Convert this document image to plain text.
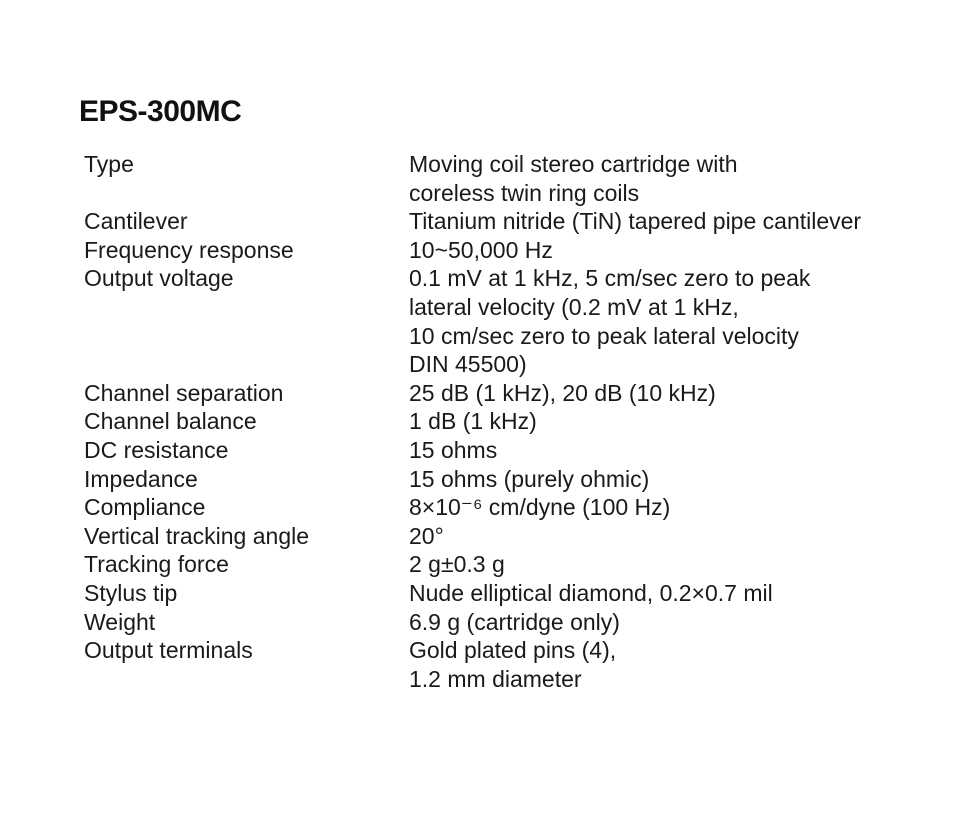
EPS-300MC
Type	Moving coil stereo cartridge with
coreless twin ring coils
Cantilever	Titanium nitride (TiN) tapered pipe cantilever
Frequency response	10~50,000 Hz
Output voltage	0.1 mV at 1 kHz, 5 cm/sec zero to peak
lateral velocity (0.2 mV at 1 kHz,
10 cm/sec zero to peak lateral velocity
DIN 45500)
Channel separation	25 dB (1 kHz), 20 dB (10 kHz)
Channel balance	1 dB (1 kHz)
DC resistance	15 ohms
Impedance	15 ohms (purely ohmic)
Compliance	8×10⁻⁶ cm/dyne (100 Hz)
Vertical tracking angle	20°
Tracking force	2 g±0.3 g
Stylus tip	Nude elliptical diamond, 0.2×0.7 mil
Weight	6.9 g (cartridge only)
Output terminals	Gold plated pins (4),
1.2 mm diameter
